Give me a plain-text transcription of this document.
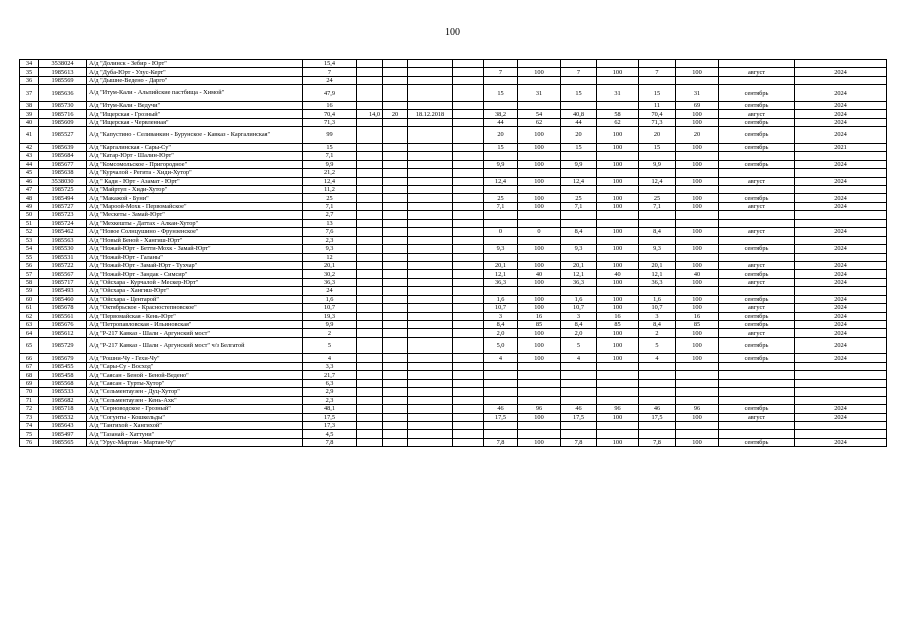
100
34	3538024	А/д "Долинск - Зебир - Юрт"	15,4												
35	1985613	А/д "Дуба-Юрт - Улус-Керт"	7					7	100	7	100	7	100	август	2024
36	1985569	А/д "Дышне-Ведено - Дарго"	24												
37	1985636	А/д "Итум-Кали - Альпийские пастбища - Химой"	47,9					15	31	15	31	15	31	сентябрь	2024
38	1985730	А/д "Итум-Кали - Ведучи"	16									11	69	сентябрь	2024
39	1985716	А/д "Ищерская - Грозный"	70,4	14,0	20	18.12.2018		38,2	54	40,8	58	70,4	100	август	2024
40	1985609	А/д "Ищерская - Червленная"	71,3					44	62	44	62	71,3	100	сентябрь	2024
41	1985527	А/д "Капустино - Селиванкин - Бурунское - Кавказ - Каргалинская"	99					20	100	20	100	20	20	сентябрь	2024
42	1985639	А/д "Каргалинская - Сары-Су"	15					15	100	15	100	15	100	сентябрь	2021
43	1985684	А/д "Катар-Юрт - Шалин-Юрт"	7,1												
44	1985677	А/д "Комсомольское - Пригородное"	9,9					9,9	100	9,9	100	9,9	100	сентябрь	2024
45	1985638	А/д "Курчалой - Регита - Хиди-Хутор"	21,2												
46	3538030	А/д " Кади - Юрт - Азамат - Юрт"	12,4					12,4	100	12,4	100	12,4	100	август	2024
47	1985725	А/д "Майртуп - Хиди-Хутор"	11,2												
48	1985494	А/д "Макажой - Буни"	25					25	100	25	100	25	100	сентябрь	2024
49	1985727	А/д "Мароой-Мохк - Первомайское"	7,1					7,1	100	7,1	100	7,1	100	август	2024
50	1985723	А/д "Мескеты - Замай-Юрт"	2,7												
51	1985724	А/д "Мехкешты - Даттах - Алкан-Хутор"	13												
52	1985462	А/д "Новое Солнцушино - Фрунзенское"	7,6					0	0	8,4	100	8,4	100	август	2024
53	1985563	А/д "Новый Беной - Хангиш-Юрт"	2,3												
54	1985530	А/д "Ножай-Юрт - Бетти-Мохк - Замай-Юрт"	9,3					9,3	100	9,3	100	9,3	100	сентябрь	2024
55	1985531	А/д "Ножай-Юрт - Галаны"	12												
56	1985722	А/д "Ножай-Юрт - Замай-Юрт - Тухчар"	20,1					20,1	100	20,1	100	20,1	100	август	2024
57	1985567	А/д "Ножай-Юрт - Зандак - Симсир"	30,2					12,1	40	12,1	40	12,1	40	сентябрь	2024
58	1985717	А/д "Ойсхара - Курчалой - Мескер-Юрт"	36,3					36,3	100	36,3	100	36,3	100	август	2024
59	1985493	А/д "Ойсхара - Хангиш-Юрт"	24												
60	1985460	А/д "Ойсхара - Центарой"	1,6					1,6	100	1,6	100	1,6	100	сентябрь	2024
61	1985678	А/д "Октябрьское - Красностепновское"	10,7					10,7	100	10,7	100	10,7	100	август	2024
62	1985561	А/д "Первомайская - Кень-Юрт"	19,3					3	16	3	16	3	16	сентябрь	2024
63	1985676	А/д "Петропавловская - Ильиновская"	9,9					8,4	85	8,4	85	8,4	85	сентябрь	2024
64	1985612	А/д "Р-217 Кавказ - Шали - Аргунский мост"	2					2,0	100	2,0	100	2	100	август	2024
65	1985729	А/д "Р-217 Кавказ - Шали - Аргунский мост" ч/з Белгатой	5					5,0	100	5	100	5	100	сентябрь	2024
66	1985679	А/д "Рошни-Чу - Гехи-Чу"	4					4	100	4	100	4	100	сентябрь	2024
67	1985455	А/д "Сары-Су - Восход"	3,3												
68	1985458	А/д "Саясан - Беной - Беной-Ведено"	21,7												
69	1985568	А/д "Саясан - Турты-Хутор"	6,3												
70	1985533	А/д "Сельментаузен - Дуц-Хутор"	2,9												
71	1985682	А/д "Сельментаузен - Кень-Ахк"	2,3												
72	1985718	А/д "Серноводское - Грозный"	48,1					46	96	46	96	46	96	сентябрь	2024
73	1985532	А/д "Согунты - Кошкельды"	17,5					17,5	100	17,5	100	17,5	100	август	2024
74	1985643	А/д "Тангихой - Хангихой"	17,3												
75	1985497	А/д "Тазанай - Хаттуни"	4,5												
76	1985565	А/д "Урус-Мартан - Мартан-Чу"	7,8					7,8	100	7,8	100	7,8	100	сентябрь	2024
